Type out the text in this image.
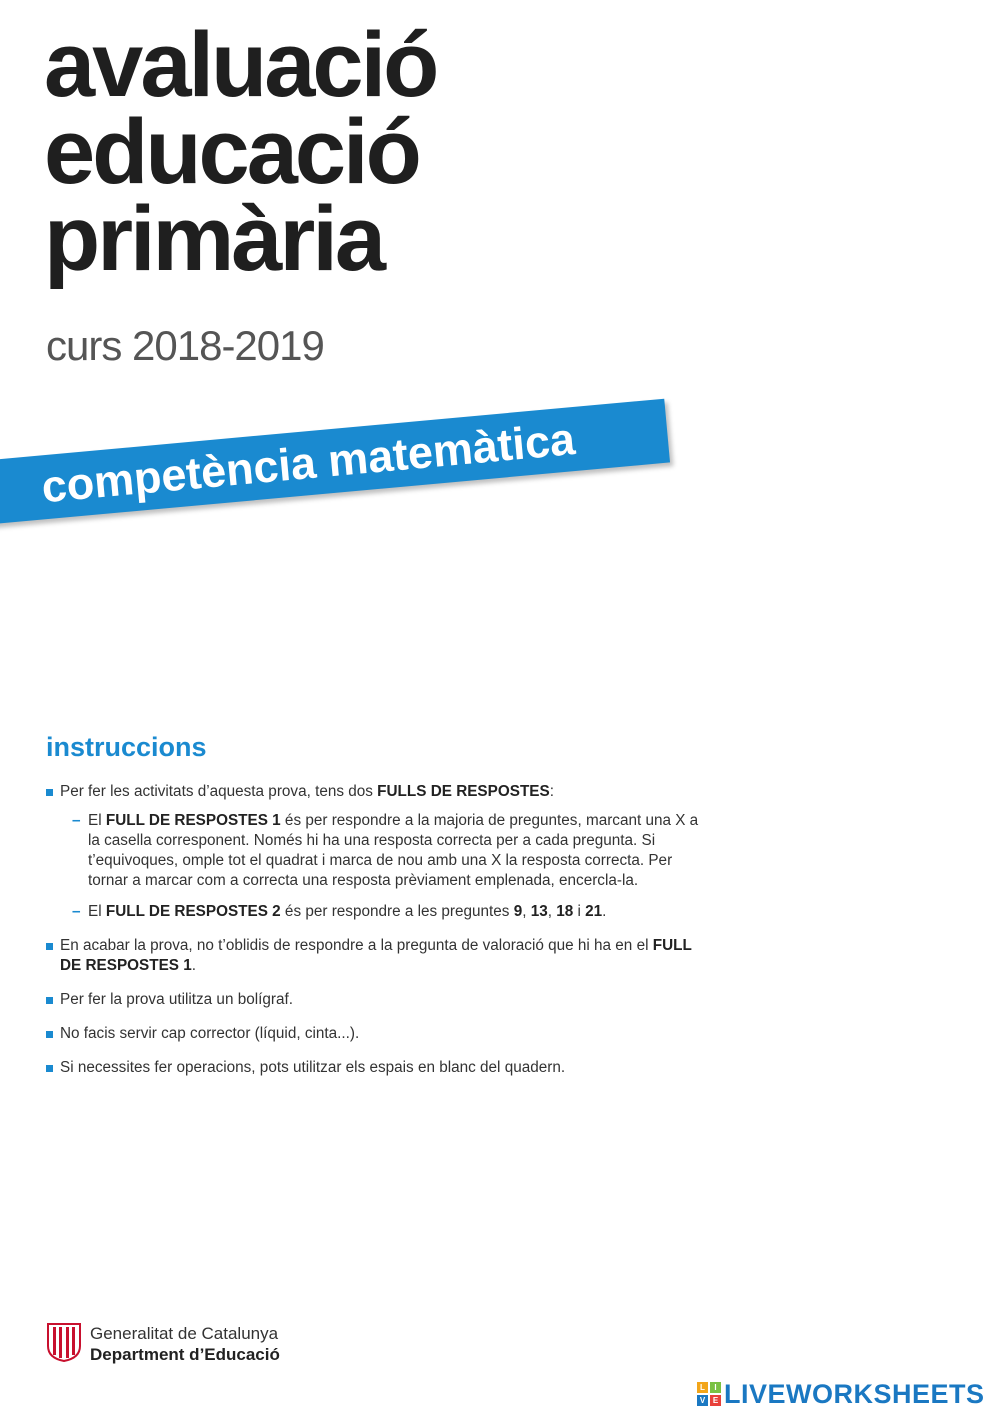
avaluació
educació
primària
curs 2018-2019
competència matemàtica
instruccions
Per fer les activitats d’aquesta prova, tens dos FULLS DE RESPOSTES:
– El FULL DE RESPOSTES 1 és per respondre a la majoria de preguntes, marcant una X a la casella corresponent. Només hi ha una resposta correcta per a cada pregunta. Si t’equivoques, omple tot el quadrat i marca de nou amb una X la resposta correcta. Per tornar a marcar com a correcta una resposta prèviament emplenada, encercla-la.
– El FULL DE RESPOSTES 2 és per respondre a les preguntes 9, 13, 18 i 21.
En acabar la prova, no t’oblidis de respondre a la pregunta de valoració que hi ha en el FULL DE RESPOSTES 1.
Per fer la prova utilitza un bolígraf.
No facis servir cap corrector (líquid, cinta...).
Si necessites fer operacions, pots utilitzar els espais en blanc del quadern.
Generalitat de Catalunya
Department d’Educació
L	I
V E LIVEWORKSHEETS
